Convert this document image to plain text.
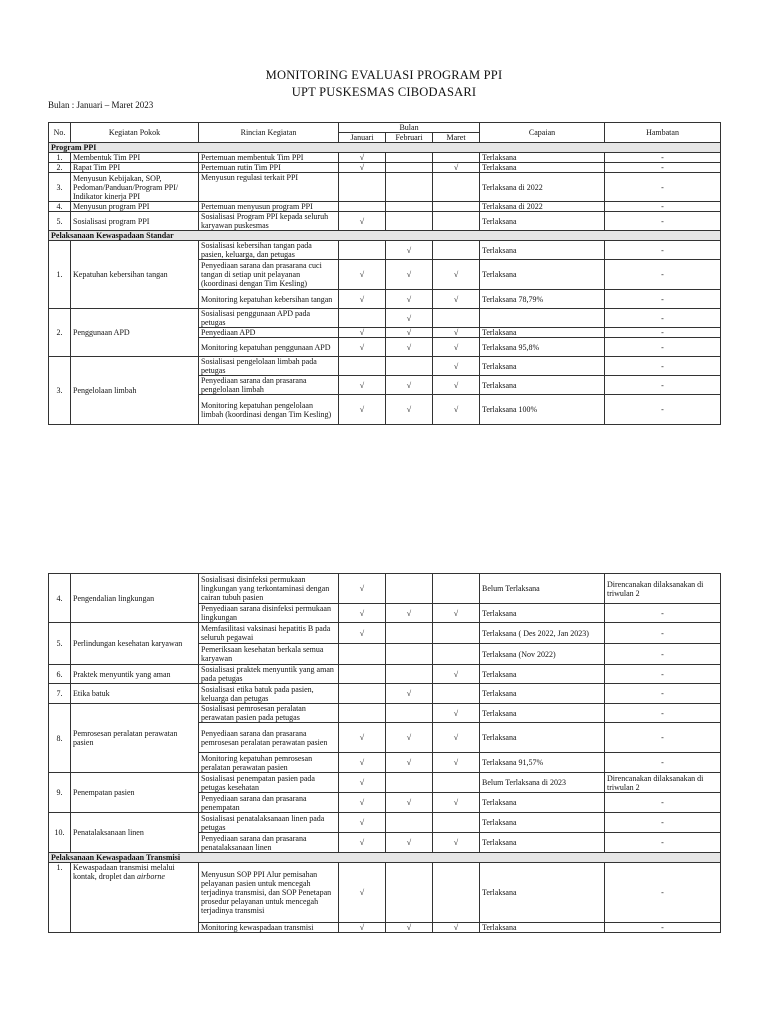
MONITORING EVALUASI PROGRAM PPI
UPT PUSKESMAS CIBODASARI
Bulan : Januari – Maret 2023
No.	Kegiatan Pokok	Rincian Kegiatan	Bulan			Capaian	Hambatan
			Januari	Februari	Maret		
Program PPI							
1.	Membentuk Tim PPI	Pertemuan membentuk Tim PPI	√			Terlaksana	-
2.	Rapat Tim PPI	Pertemuan rutin Tim PPI	√		√	Terlaksana	-
3.	Menyusun Kebijakan, SOP, Pedoman/Panduan/Program PPI/ Indikator kinerja PPI	Menyusun regulasi terkait PPI				Terlaksana di 2022	-
4.	Menyusun program PPI	Pertemuan menyusun program PPI				Terlaksana di 2022	-
5.	Sosialisasi program PPI	Sosialisasi Program PPI kepada seluruh karyawan puskesmas	√			Terlaksana	-
Pelaksanaan Kewaspadaan Standar							
1.	Kepatuhan kebersihan tangan	Sosialisasi kebersihan tangan pada pasien, keluarga, dan petugas		√		Terlaksana	-
		Penyediaan sarana dan prasarana cuci tangan di setiap unit pelayanan (koordinasi dengan Tim Kesling)	√	√	√	Terlaksana	-
		Monitoring kepatuhan kebersihan tangan	√	√	√	Terlaksana 78,79%	-
2.	Penggunaan APD	Sosialisasi penggunaan APD pada petugas		√			-
		Penyediaan APD	√	√	√	Terlaksana	-
		Monitoring kepatuhan penggunaan APD	√	√	√	Terlaksana 95,8%	-
3.	Pengelolaan limbah	Sosialisasi pengelolaan limbah pada petugas			√	Terlaksana	-
		Penyediaan sarana dan prasarana pengelolaan limbah	√	√	√	Terlaksana	-
		Monitoring kepatuhan pengelolaan limbah (koordinasi dengan Tim Kesling)	√	√	√	Terlaksana 100%	-
4.	Pengendalian lingkungan	Sosialisasi disinfeksi permukaan lingkungan yang terkontaminasi dengan cairan tubuh pasien	√			Belum Terlaksana	Direncanakan dilaksanakan di triwulan 2
		Penyediaan sarana disinfeksi permukaan lingkungan	√	√	√	Terlaksana	-
5.	Perlindungan kesehatan karyawan	Memfasilitasi vaksinasi hepatitis B pada seluruh pegawai	√			Terlaksana ( Des 2022, Jan 2023)	-
		Pemeriksaan kesehatan berkala semua karyawan				Terlaksana (Nov 2022)	-
6.	Praktek menyuntik yang aman	Sosialisasi praktek menyuntik yang aman pada petugas			√	Terlaksana	-
7.	Etika batuk	Sosialisasi etika batuk pada pasien, keluarga dan petugas		√		Terlaksana	-
8.	Pemrosesan peralatan perawatan pasien	Sosialisasi pemrosesan peralatan perawatan pasien pada petugas			√	Terlaksana	-
		Penyediaan sarana dan prasarana pemrosesan peralatan perawatan pasien	√	√	√	Terlaksana	-
		Monitoring kepatuhan pemrosesan peralatan perawatan pasien	√	√	√	Terlaksana 91,57%	-
9.	Penempatan pasien	Sosialisasi penempatan pasien pada petugas kesehatan	√			Belum Terlaksana di 2023	Direncanakan dilaksanakan di triwulan 2
		Penyediaan sarana dan prasarana penempatan	√	√	√	Terlaksana	-
10.	Penatalaksanaan linen	Sosialisasi penatalaksanaan linen pada petugas	√			Terlaksana	-
		Penyediaan sarana dan prasarana penatalaksanaan linen	√	√	√	Terlaksana	-
Pelaksanaan Kewaspadaan Transmisi							
1.	Kewaspadaan transmisi melalui kontak, droplet dan airborne	Menyusun SOP PPI Alur pemisahan pelayanan pasien untuk mencegah terjadinya transmisi, dan SOP Penetapan prosedur pelayanan untuk mencegah terjadinya transmisi	√			Terlaksana	-
		Monitoring kewaspadaan transmisi	√	√	√	Terlaksana	-
